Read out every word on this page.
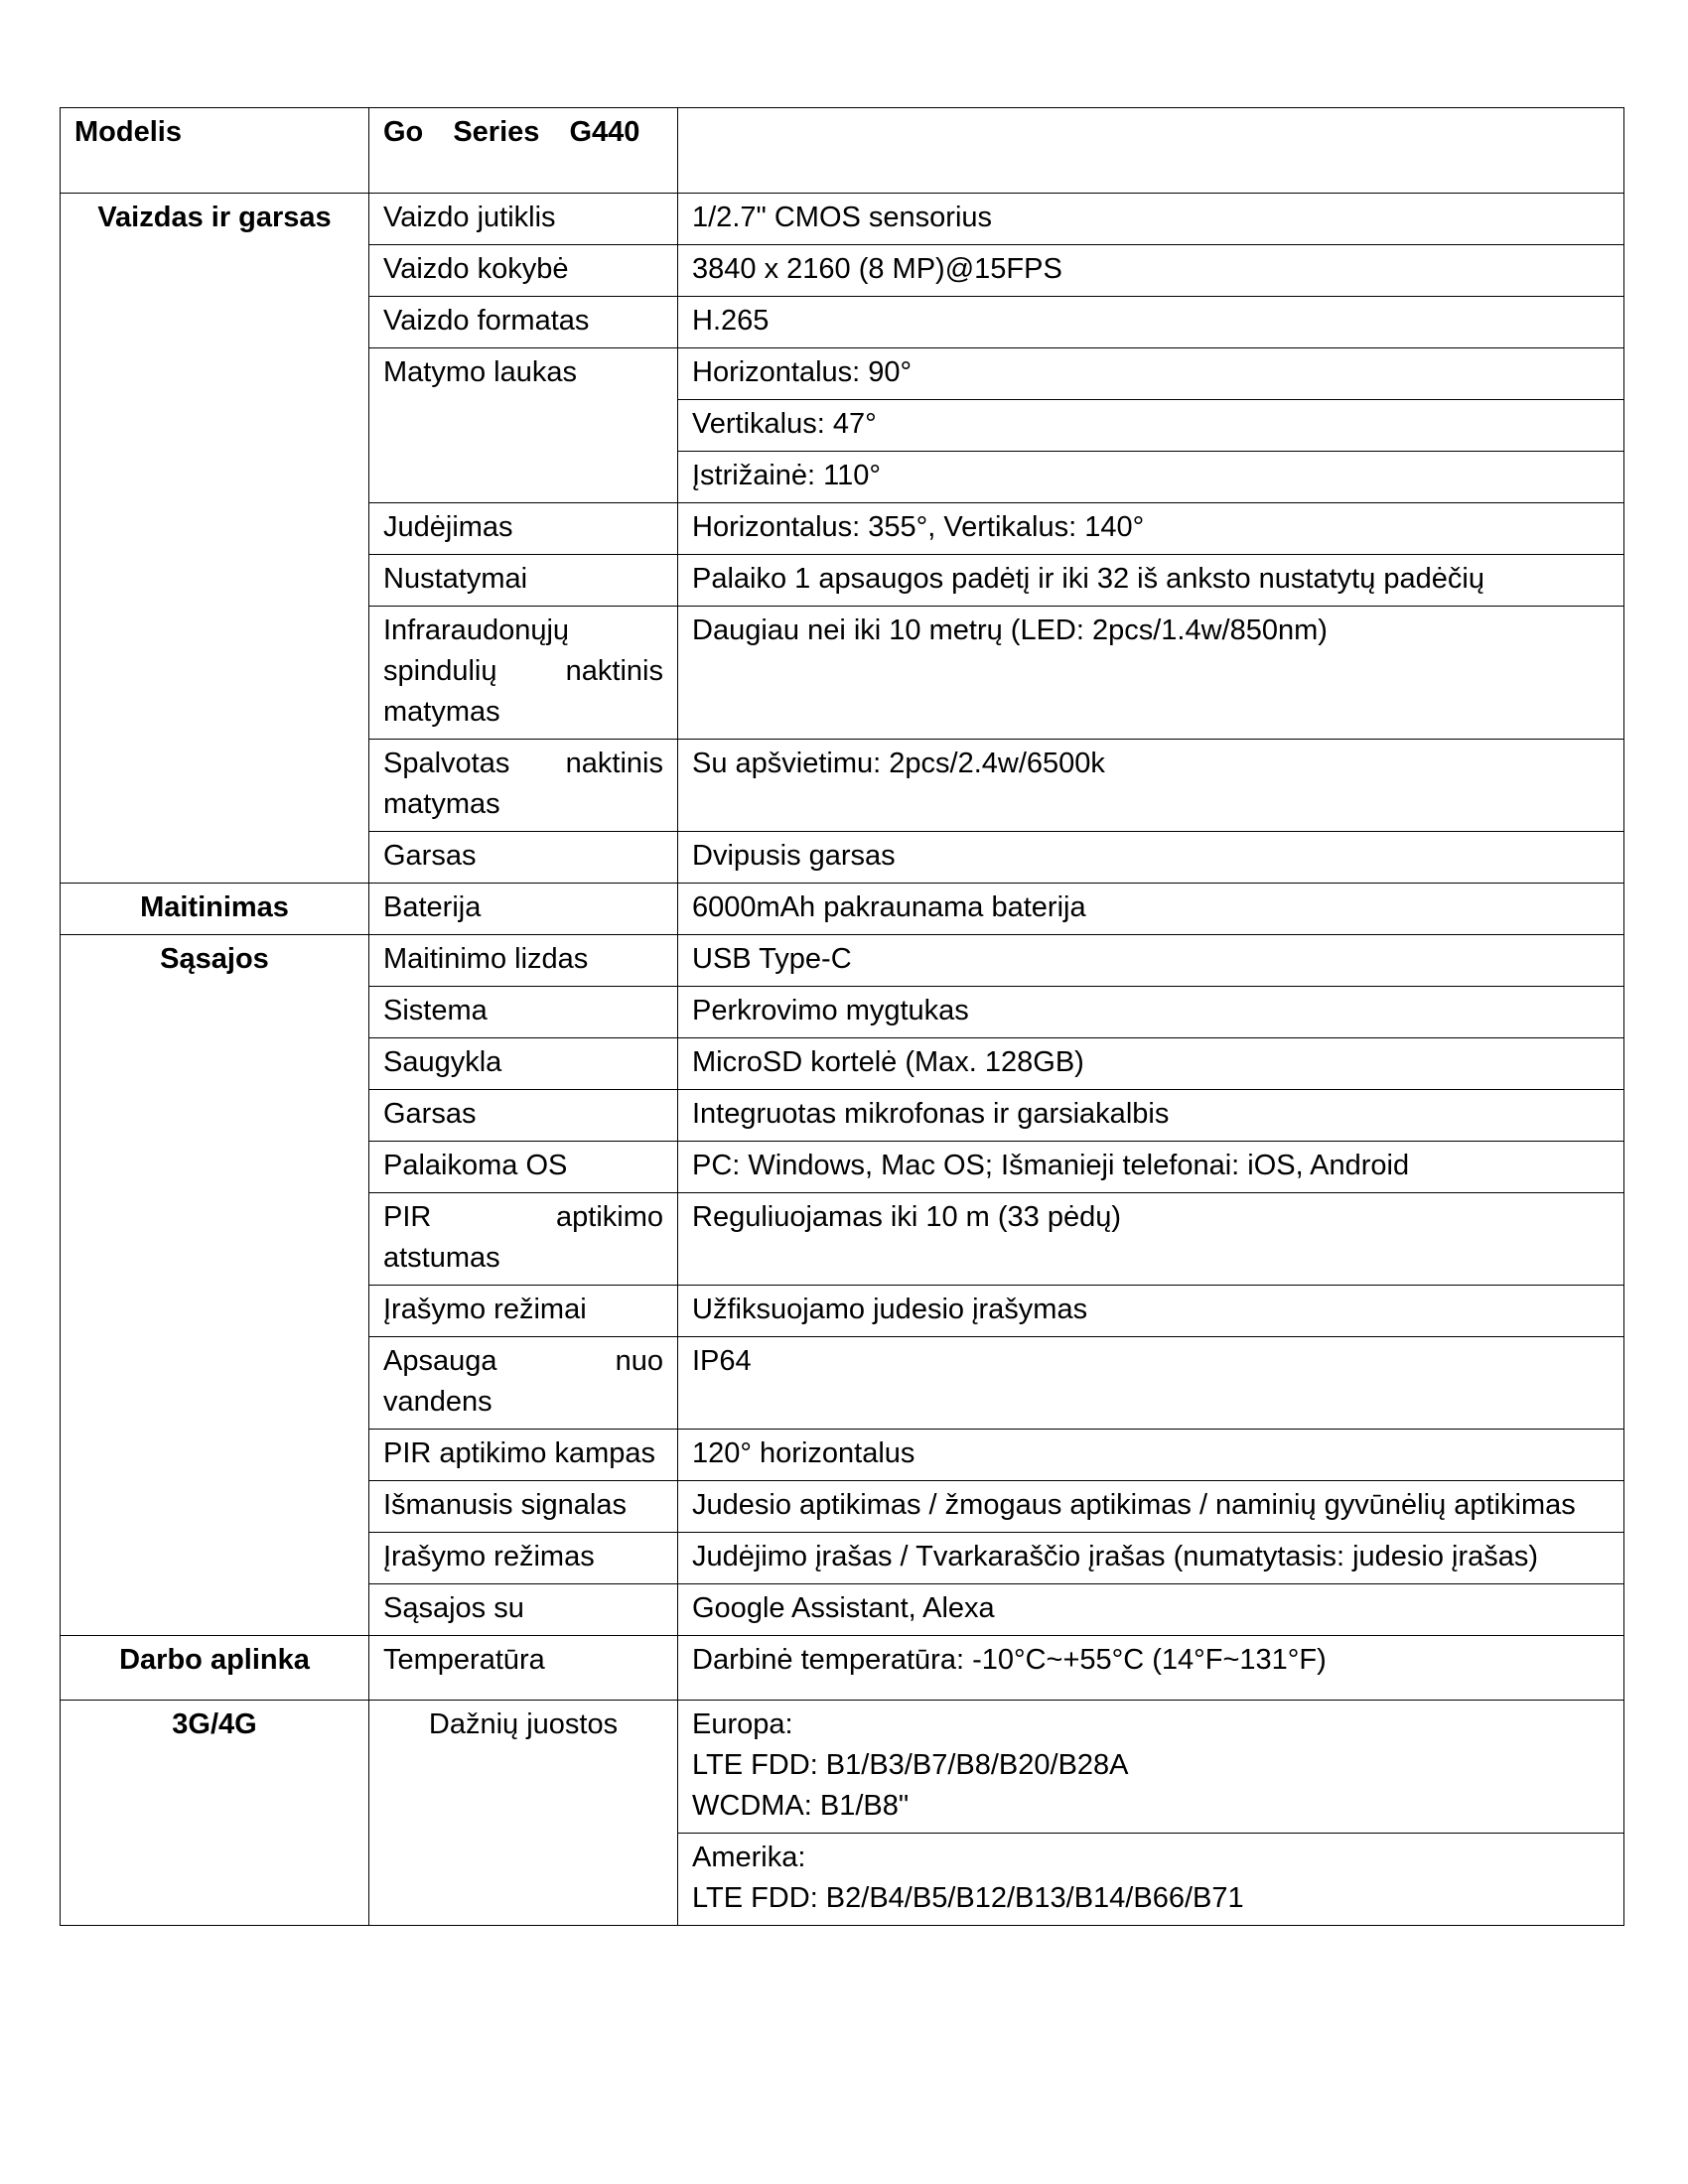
Modelis	Go Series G440	
Vaizdas ir garsas	Vaizdo jutiklis	1/2.7" CMOS sensorius
	Vaizdo kokybė	3840 x 2160 (8 MP)@15FPS
	Vaizdo formatas	H.265
	Matymo laukas	Horizontalus: 90°
		Vertikalus: 47°
		Įstrižainė: 110°
	Judėjimas	Horizontalus: 355°, Vertikalus: 140°
	Nustatymai	Palaiko 1 apsaugos padėtį ir iki 32 iš anksto nustatytų padėčių
	Infraraudonųjų spindulių naktinis matymas	Daugiau nei iki 10 metrų (LED: 2pcs/1.4w/850nm)
	Spalvotas naktinis matymas	Su apšvietimu: 2pcs/2.4w/6500k
	Garsas	Dvipusis garsas
Maitinimas	Baterija	6000mAh pakraunama baterija
Sąsajos	Maitinimo lizdas	USB Type-C
	Sistema	Perkrovimo mygtukas
	Saugykla	MicroSD kortelė (Max. 128GB)
	Garsas	Integruotas mikrofonas ir garsiakalbis
	Palaikoma OS	PC: Windows, Mac OS; Išmanieji telefonai: iOS, Android
	PIR aptikimo atstumas	Reguliuojamas iki 10 m (33 pėdų)
	Įrašymo režimai	Užfiksuojamo judesio įrašymas
	Apsauga nuo vandens	IP64
	PIR aptikimo kampas	120° horizontalus
	Išmanusis signalas	Judesio aptikimas / žmogaus aptikimas / naminių gyvūnėlių aptikimas
	Įrašymo režimas	Judėjimo įrašas / Tvarkaraščio įrašas (numatytasis: judesio įrašas)
	Sąsajos su	Google Assistant, Alexa
Darbo aplinka	Temperatūra	Darbinė temperatūra: -10°C~+55°C (14°F~131°F)
3G/4G	Dažnių juostos	Europa:
LTE FDD: B1/B3/B7/B8/B20/B28A
WCDMA: B1/B8"

		Amerika:
LTE FDD: B2/B4/B5/B12/B13/B14/B66/B71
